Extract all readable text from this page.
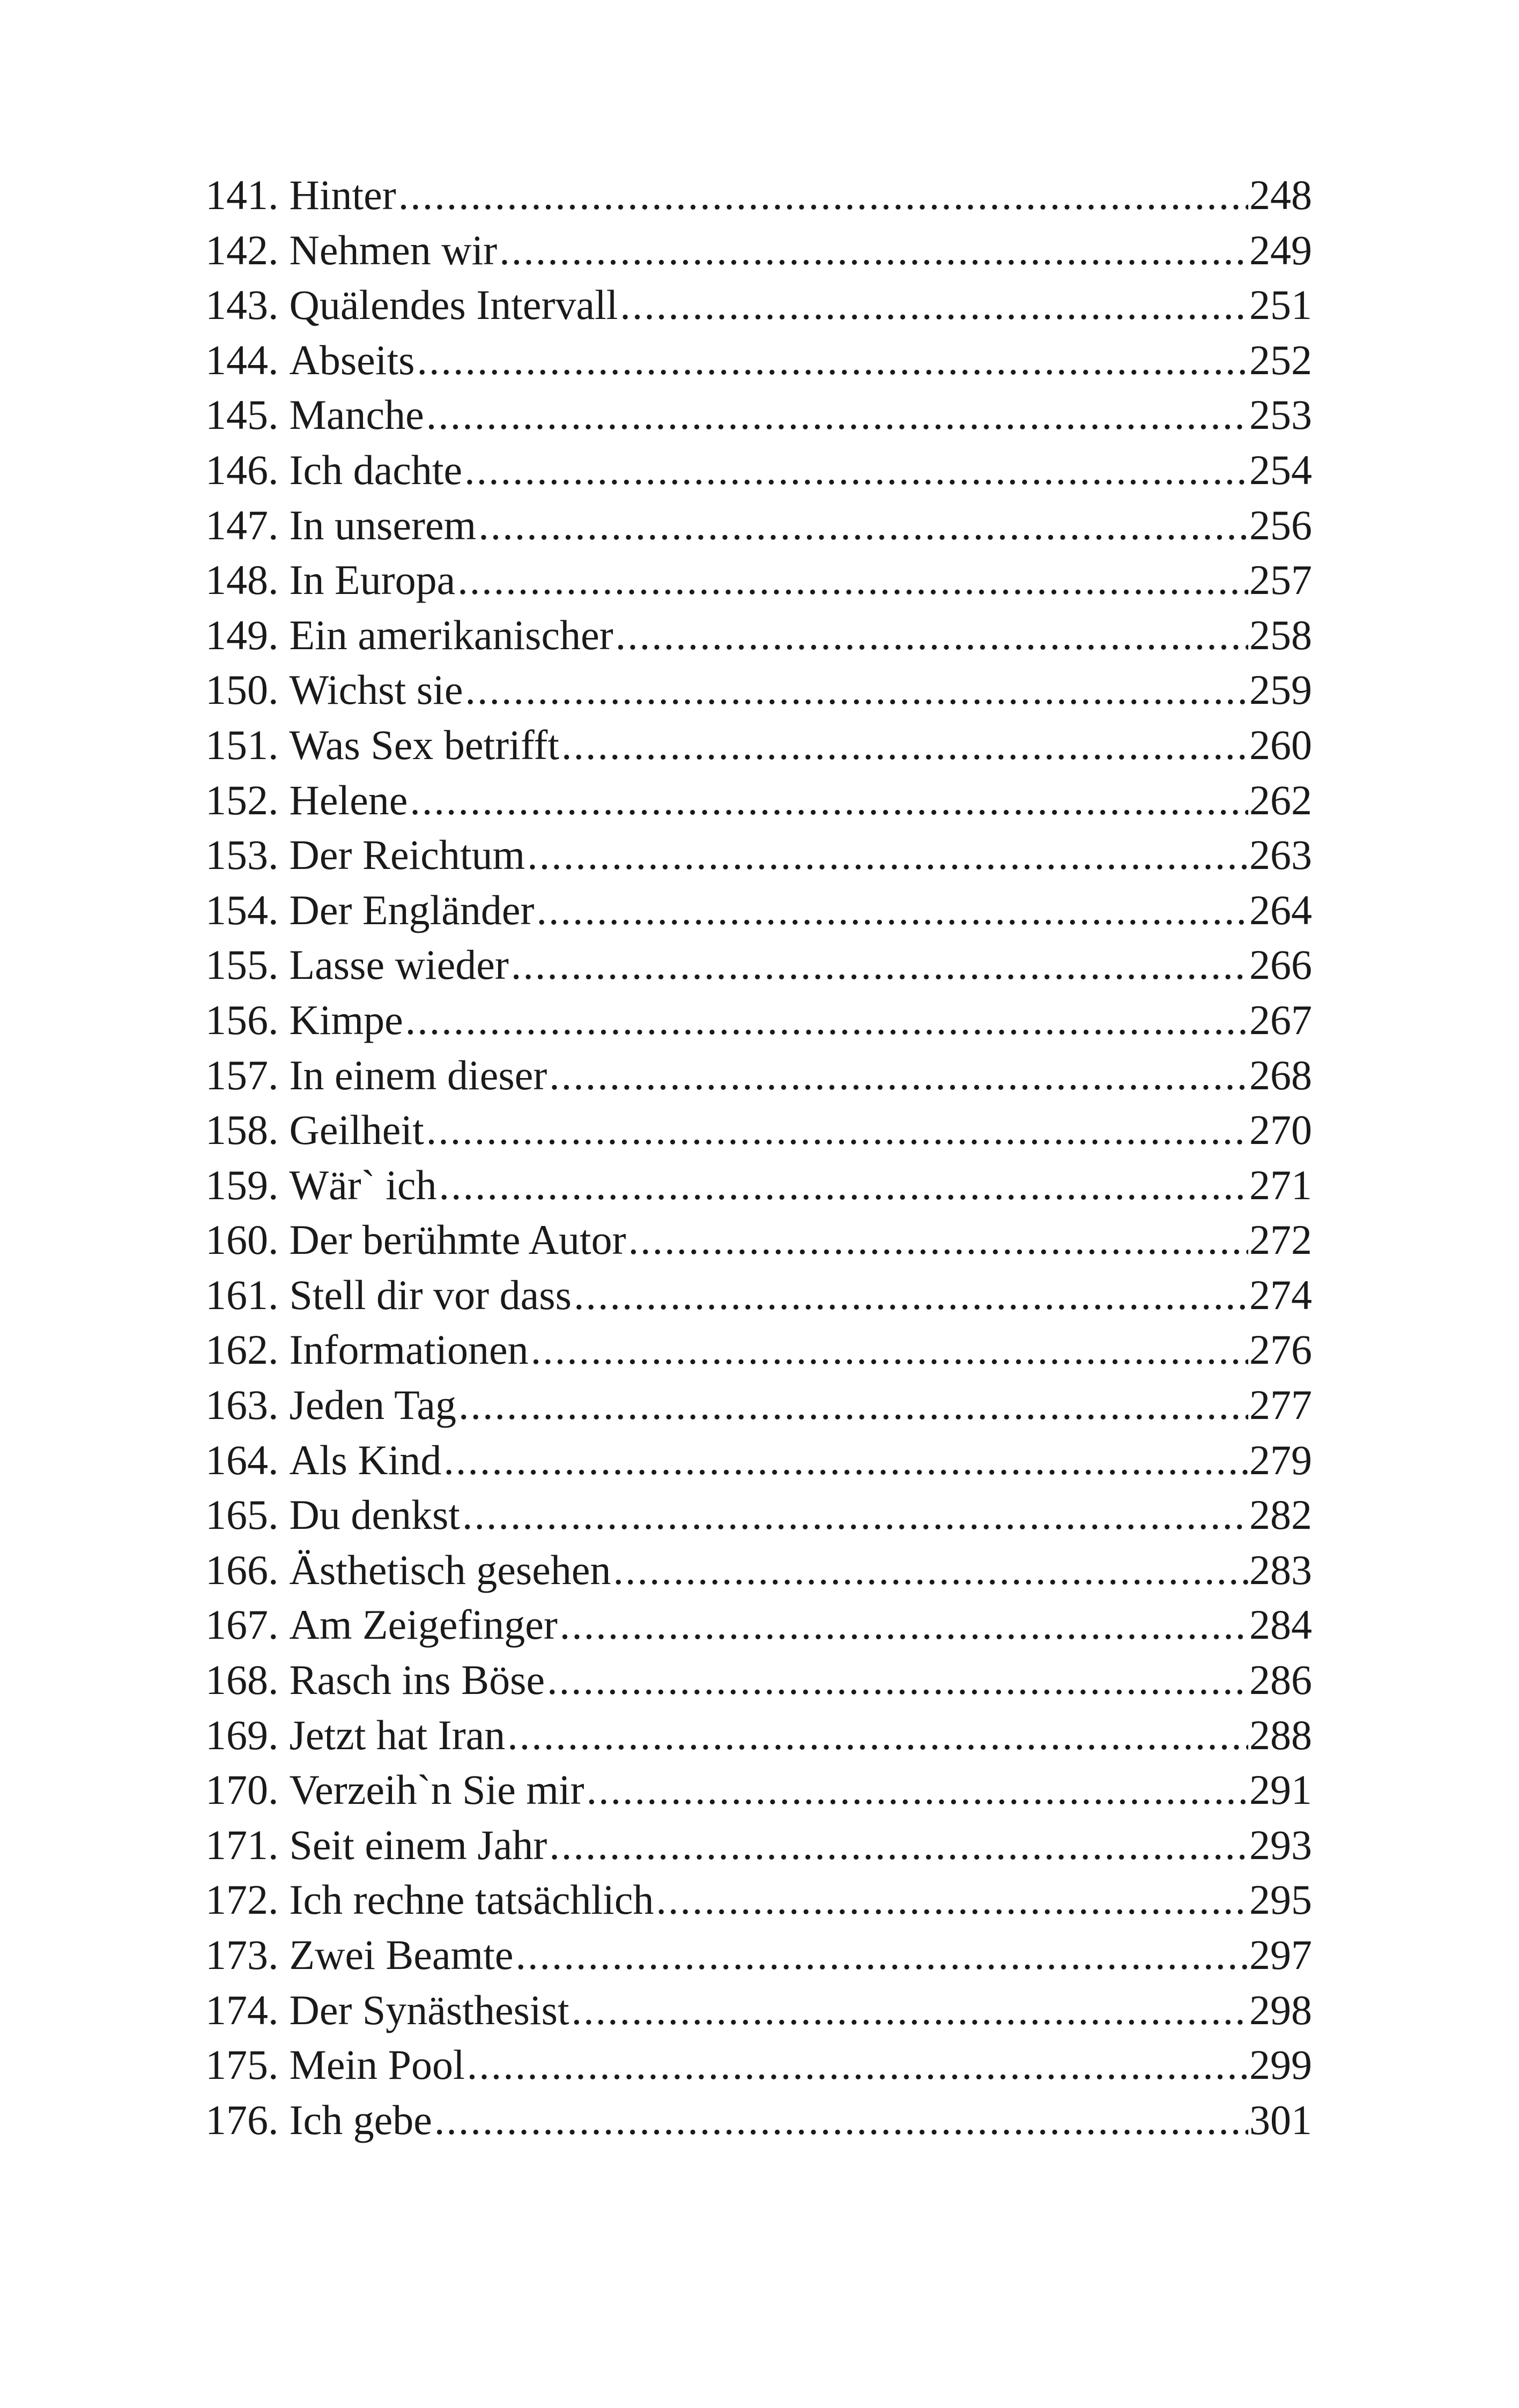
141. Hinter .....	248
142. Nehmen wir .....	249
143. Quälendes Intervall .....	251
144. Abseits .....	252
145. Manche .....	253
146. Ich dachte .....	254
147. In unserem .....	256
148. In Europa .....	257
149. Ein amerikanischer .....	258
150. Wichst sie .....	259
151. Was Sex betrifft .....	260
152. Helene .....	262
153. Der Reichtum .....	263
154. Der Engländer .....	264
155. Lasse wieder .....	266
156. Kimpe .....	267
157. In einem dieser .....	268
158. Geilheit .....	270
159. Wär` ich .....	271
160. Der berühmte Autor .....	272
161. Stell dir vor dass .....	274
162. Informationen .....	276
163. Jeden Tag .....	277
164. Als Kind .....	279
165. Du denkst .....	282
166. Ästhetisch gesehen .....	283
167. Am Zeigefinger .....	284
168. Rasch ins Böse .....	286
169. Jetzt hat Iran .....	288
170. Verzeih`n Sie mir .....	291
171. Seit einem Jahr .....	293
172. Ich rechne tatsächlich .....	295
173. Zwei Beamte .....	297
174. Der Synästhesist .....	298
175. Mein Pool .....	299
176. Ich gebe .....	301
